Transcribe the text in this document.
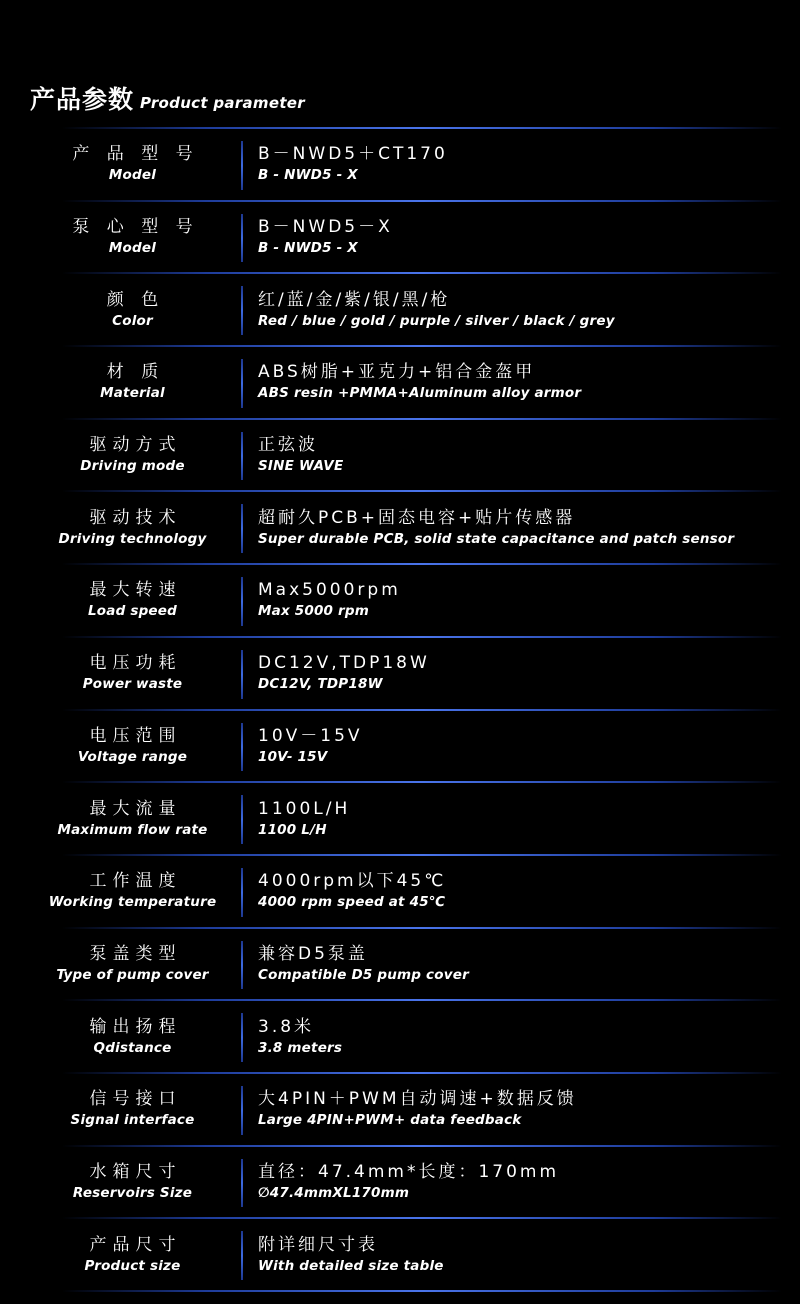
产品参数 Product parameter
产 品 型 号
Model
B－NWD5＋CT170
B - NWD5 - X
泵 心 型 号
Model
B－NWD5－X
B - NWD5 - X
颜 色
Color
红/蓝/金/紫/银/黑/枪
Red / blue / gold / purple / silver / black / grey
材 质
Material
ABS树脂+亚克力+铝合金盔甲
ABS resin +PMMA+Aluminum alloy armor
驱动方式
Driving mode
正弦波
SINE WAVE
驱动技术
Driving technology
超耐久PCB+固态电容+贴片传感器
Super durable PCB, solid state capacitance and patch sensor
最大转速
Load speed
Max5000rpm
Max 5000 rpm
电压功耗
Power waste
DC12V,TDP18W
DC12V, TDP18W
电压范围
Voltage range
10V－15V
10V- 15V
最大流量
Maximum flow rate
1100L/H
1100 L/H
工作温度
Working temperature
4000rpm以下45℃
4000 rpm speed at 45℃
泵盖类型
Type of pump cover
兼容D5泵盖
Compatible D5 pump cover
输出扬程
Qdistance
3.8米
3.8 meters
信号接口
Signal interface
大4PIN＋PWM自动调速+数据反馈
Large 4PIN+PWM+ data feedback
水箱尺寸
Reservoirs Size
直径：47.4mm*长度：170mm
∅47.4mmXL170mm
产品尺寸
Product size
附详细尺寸表
With detailed size table
